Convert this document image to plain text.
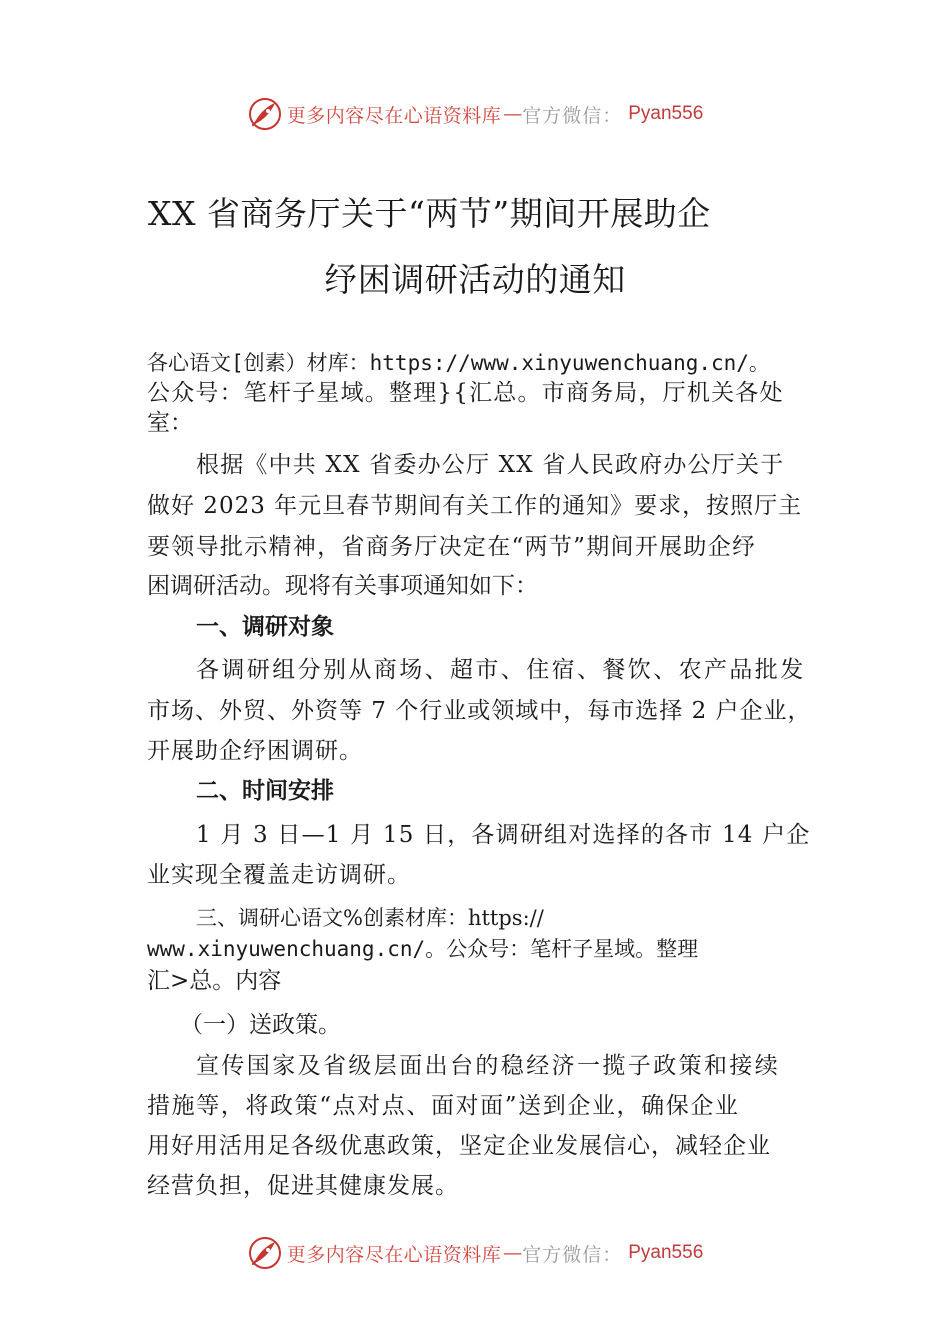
更多内容尽在心语资料库 — 官方微信： Pyan556
XX 省商务厅关于“两节”期间开展助企
纾困调研活动的通知
各心语文[创素）材库：https://www.xinyuwenchuang.cn/。
公众号：笔杆子星域。整理}{汇总。市商务局，厅机关各处
室：
根据《中共 XX 省委办公厅 XX 省人民政府办公厅关于
做好 2023 年元旦春节期间有关工作的通知》要求，按照厅主
要领导批示精神，省商务厅决定在“两节”期间开展助企纾
困调研活动。现将有关事项通知如下：
一、调研对象
各调研组分别从商场、超市、住宿、餐饮、农产品批发
市场、外贸、外资等 7 个行业或领域中，每市选择 2 户企业，
开展助企纾困调研。
二、时间安排
1 月 3 日—1 月 15 日，各调研组对选择的各市 14 户企
业实现全覆盖走访调研。
三、调研心语文%创素材库：https://
www.xinyuwenchuang.cn/。公众号：笔杆子星域。整理
汇>总。内容
（一）送政策。
宣传国家及省级层面出台的稳经济一揽子政策和接续
措施等，将政策“点对点、面对面”送到企业，确保企业
用好用活用足各级优惠政策，坚定企业发展信心，减轻企业
经营负担，促进其健康发展。
更多内容尽在心语资料库 — 官方微信： Pyan556
